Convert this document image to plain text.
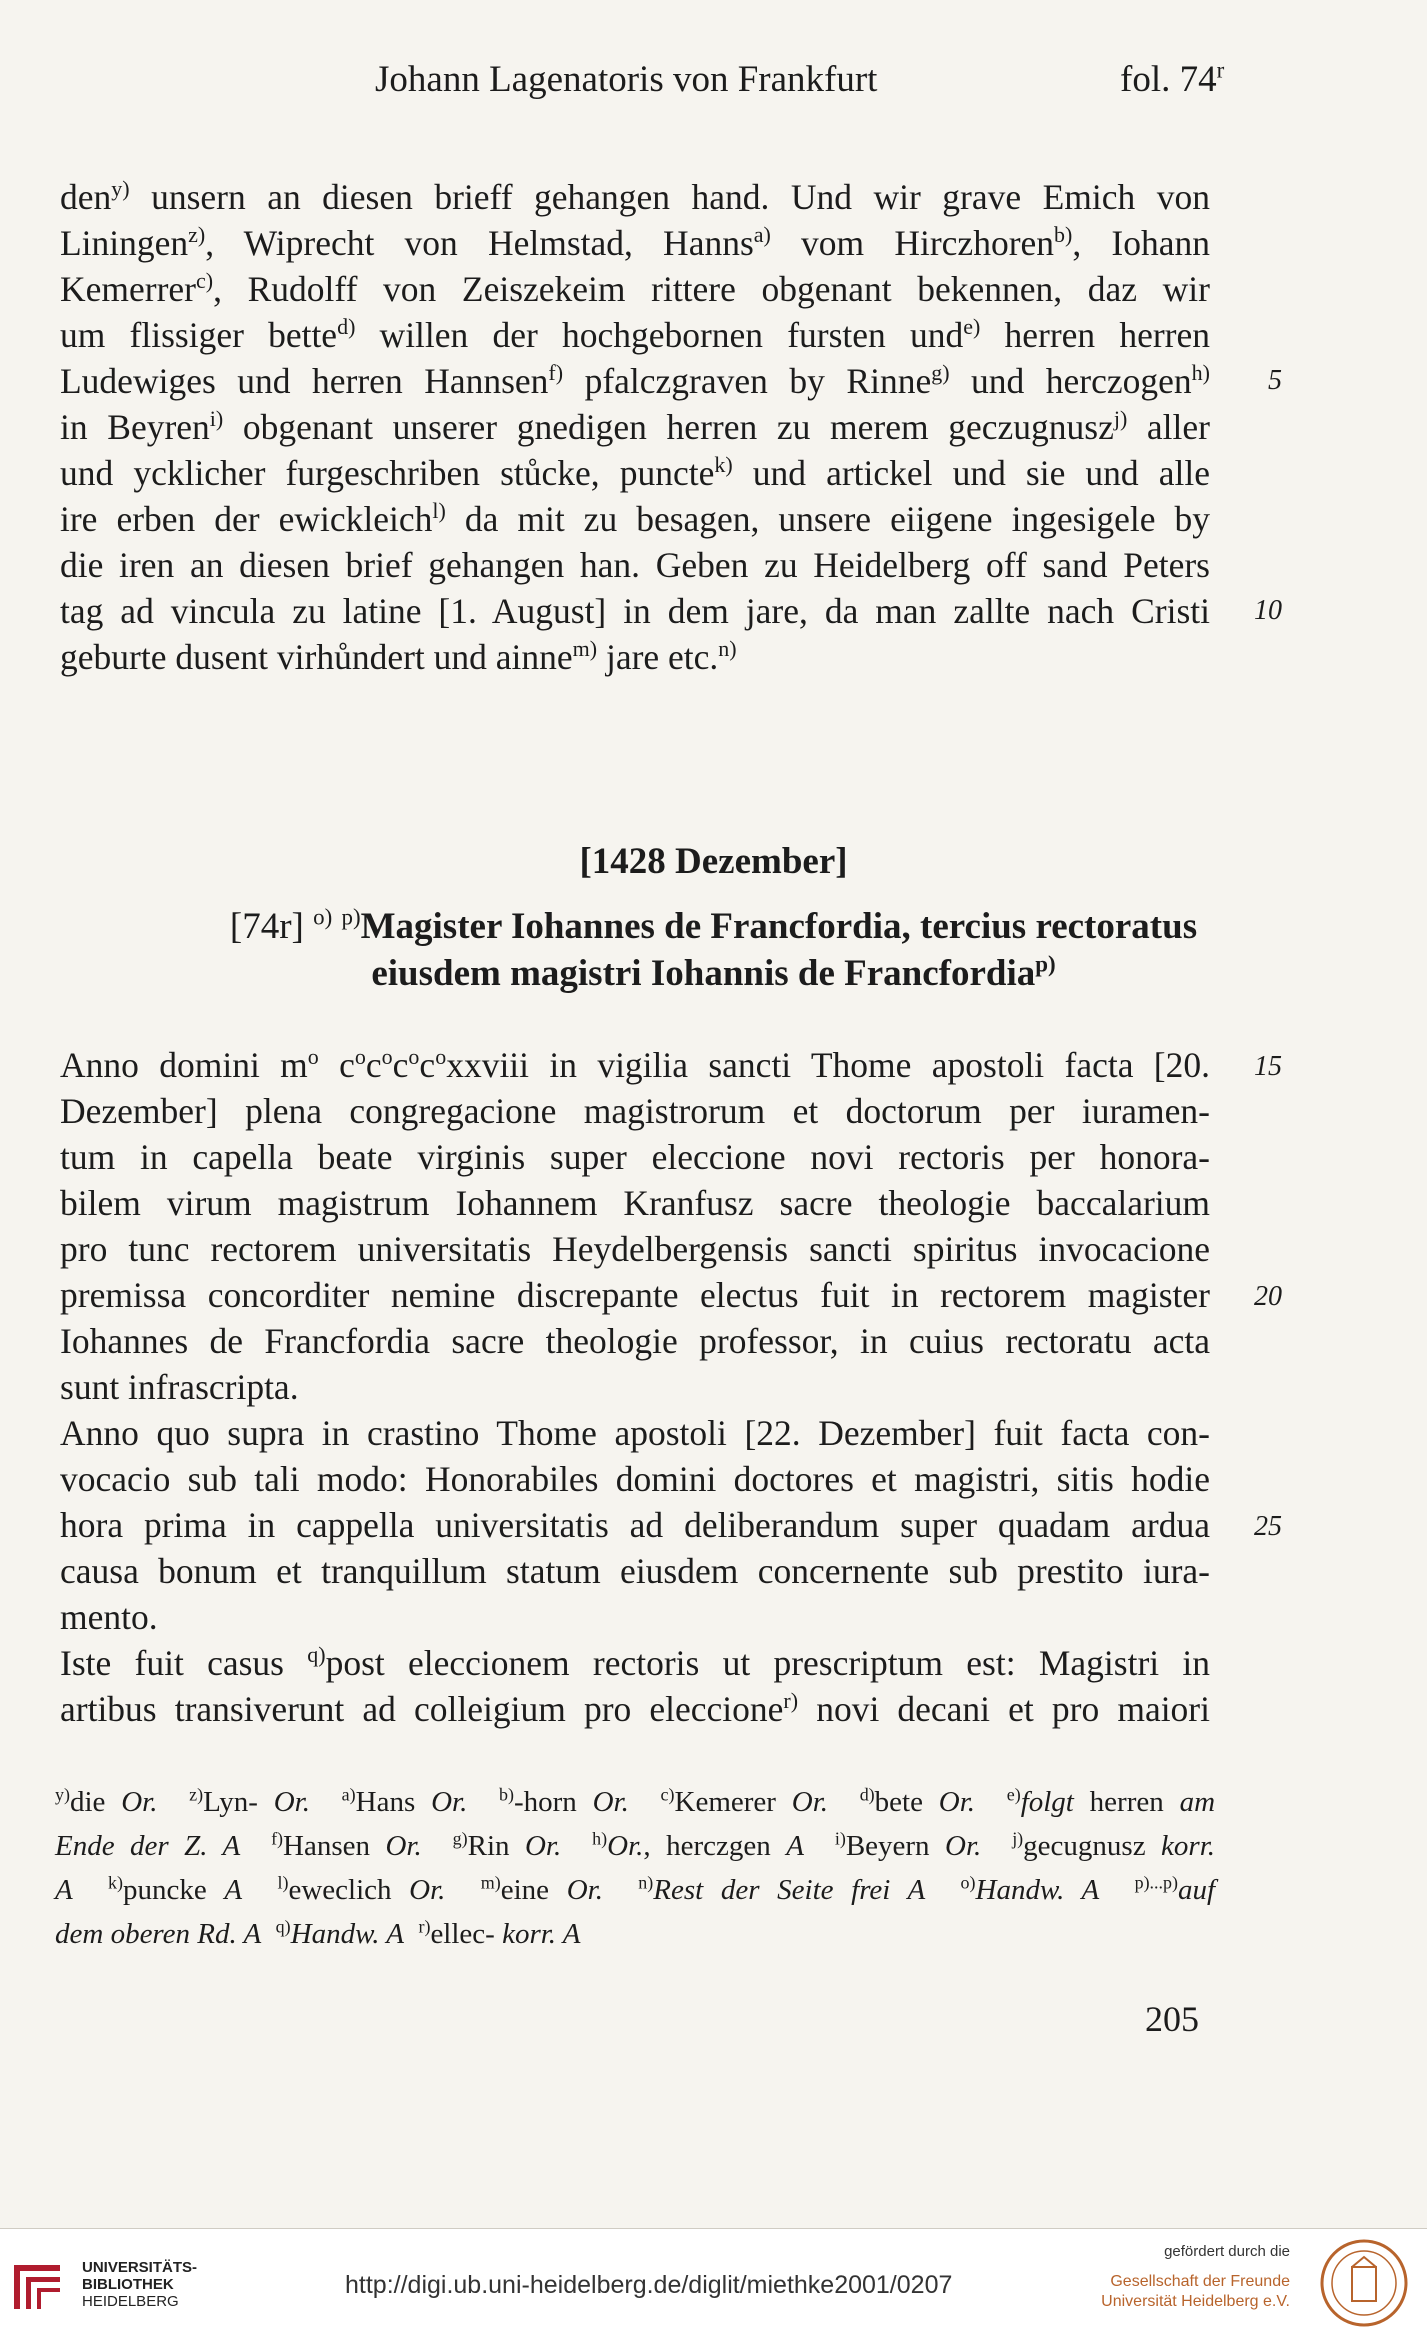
Johann Lagenatoris von Frankfurt	fol. 74$^r$
den$^{y)}$ unsern an diesen brieff gehangen hand. Und wir grave Emich von
Liningen$^{z)}$, Wiprecht von Helmstad, Hanns$^{a)}$ vom Hirczhoren$^{b)}$, Iohann
Kemerrer$^{c)}$, Rudolff von Zeiszekeim rittere obgenant bekennen, daz wir
um flissiger bette$^{d)}$ willen der hochgebornen fursten und$^{e)}$ herren herren
Ludewiges und herren Hannsen$^{f)}$ pfalczgraven by Rinne$^{g)}$ und herczogen$^{h)}$
in Beyren$^{i)}$ obgenant unserer gnedigen herren zu merem geczugnusz$^{j)}$ aller
und ycklicher furgeschriben stůcke, puncte$^{k)}$ und artickel und sie und alle
ire erben der ewickleich$^{l)}$ da mit zu besagen, unsere eiigene ingesigele by
die iren an diesen brief gehangen han. Geben zu Heidelberg off sand Peters
tag ad vincula zu latine [1. August] in dem jare, da man zallte nach Cristi
geburte dusent virhůndert und ainne$^{m)}$ jare etc.$^{n)}$
5
10
[1428 Dezember]
[74r] $^{o)}$ $^{p)}$Magister Iohannes de Francfordia, tercius rectoratus
eiusdem magistri Iohannis de Francfordia$^{p)}$
Anno domini $m^o$ $c^oc^oc^oc^oxxviii$ in vigilia sancti Thome apostoli facta [20.
Dezember] plena congregacione magistrorum et doctorum per iuramen-
tum in capella beate virginis super eleccione novi rectoris per honora-
bilem virum magistrum Iohannem Kranfusz sacre theologie baccalarium
pro tunc rectorem universitatis Heydelbergensis sancti spiritus invocacione
premissa concorditer nemine discrepante electus fuit in rectorem magister
Iohannes de Francfordia sacre theologie professor, in cuius rectoratu acta
sunt infrascripta.
Anno quo supra in crastino Thome apostoli [22. Dezember] fuit facta con-
vocacio sub tali modo: Honorabiles domini doctores et magistri, sitis hodie
hora prima in cappella universitatis ad deliberandum super quadam ardua
causa bonum et tranquillum statum eiusdem concernente sub prestito iura-
mento.
Iste fuit casus $^{q)}$post eleccionem rectoris ut prescriptum est: Magistri in
artibus transiverunt ad colleigium pro eleccione$^{r)}$ novi decani et pro maiori
15
20
25
$^{y)}$die Or. $^{z)}$Lyn- Or. $^{a)}$Hans Or. $^{b)}$-horn Or. $^{c)}$Kemerer Or. $^{d)}$bete Or. $^{e)}$folgt herren am
Ende der Z. A $^{f)}$Hansen Or. $^{g)}$Rin Or. $^{h)}$Or., herczgen A $^{i)}$Beyern Or. $^{j)}$gecugnusz korr.
A $^{k)}$puncke A $^{l)}$eweclich Or. $^{m)}$eine Or. $^{n)}$Rest der Seite frei A $^{o)}$Handw. A $^{p)...p)}$auf
dem oberen Rd. A $^{q)}$Handw. A $^{r)}$ellec- korr. A
205
UNIVERSITÄTS-
BIBLIOTHEK
HEIDELBERG
http://digi.ub.uni-heidelberg.de/diglit/miethke2001/0207
gefördert durch die
Gesellschaft der Freunde
Universität Heidelberg e.V.
